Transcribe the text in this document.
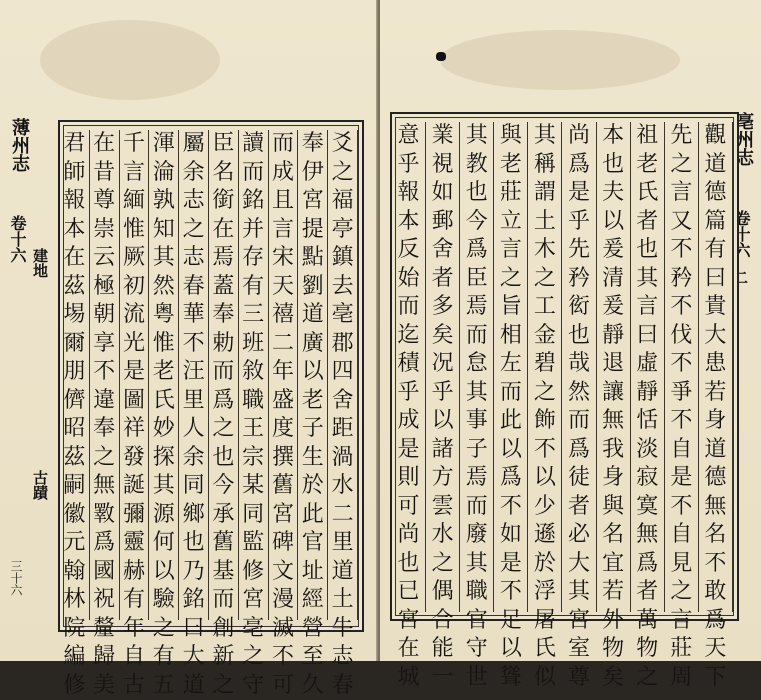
薄州志
卷十六 建地
古蹟
三十六
爻
之
福
亭
鎮
去
亳
郡
四
舍
距
渦
水
二
里
道
土
牛
志
春
奉
伊
宮
提
點
劉
道
廣
以
老
子
生
於
此
官
址
經
營
至
久
而
成
且
言
宋
天
禧
二
年
盛
度
撰
舊
宮
碑
文
漫
滅
不
可
讀
而
銘
并
存
有
三
班
敘
職
王
宗
某
同
監
修
宮
亳
之
守
臣
名
銜
在
焉
蓋
奉
勅
而
爲
之
也
今
承
舊
基
而
創
新
之
屬
余
志
之
志
春
華
不
汪
里
人
余
同
鄉
也
乃
銘
曰
大
道
渾
淪
孰
知
其
然
粤
惟
老
氏
妙
探
其
源
何
以
驗
之
有
五
千
言
緬
惟
厥
初
流
光
是
圖
祥
發
誕
彌
靈
赫
有
年
自
古
在
昔
尊
崇
云
極
朝
享
不
違
奉
之
無
斁
爲
國
祝
釐
歸
美
君
師
報
本
在
茲
埸
爾
朋
儕
昭
茲
嗣
徽
元
翰
林
院
編
修
亳州志
卷十六
二
觀
道
德
篇
有
曰
貴
大
患
若
身
道
德
無
名
不
敢
爲
天
下
先
之
言
又
不
矜
不
伐
不
爭
不
自
是
不
自
見
之
言
莊
周
祖
老
氏
者
也
其
言
曰
虛
靜
恬
淡
寂
寞
無
爲
者
萬
物
之
本
也
夫
以
爰
清
爰
靜
退
讓
無
我
身
與
名
宜
若
外
物
矣
尚
爲
是
乎
先
矜
衒
也
哉
然
而
爲
徒
者
必
大
其
宮
室
尊
其
稱
謂
土
木
之
工
金
碧
之
飾
不
以
少
遜
於
浮
屠
氏
似
與
老
莊
立
言
之
旨
相
左
而
此
以
爲
不
如
是
不
足
以
聳
其
教
也
今
爲
臣
焉
而
怠
其
事
子
焉
而
廢
其
職
官
守
世
業
視
如
郵
舍
者
多
矣
况
乎
以
諸
方
雲
水
之
偶
合
能
一
意
乎
報
本
反
始
而
迄
積
乎
成
是
則
可
尚
也
已
宮
在
城
